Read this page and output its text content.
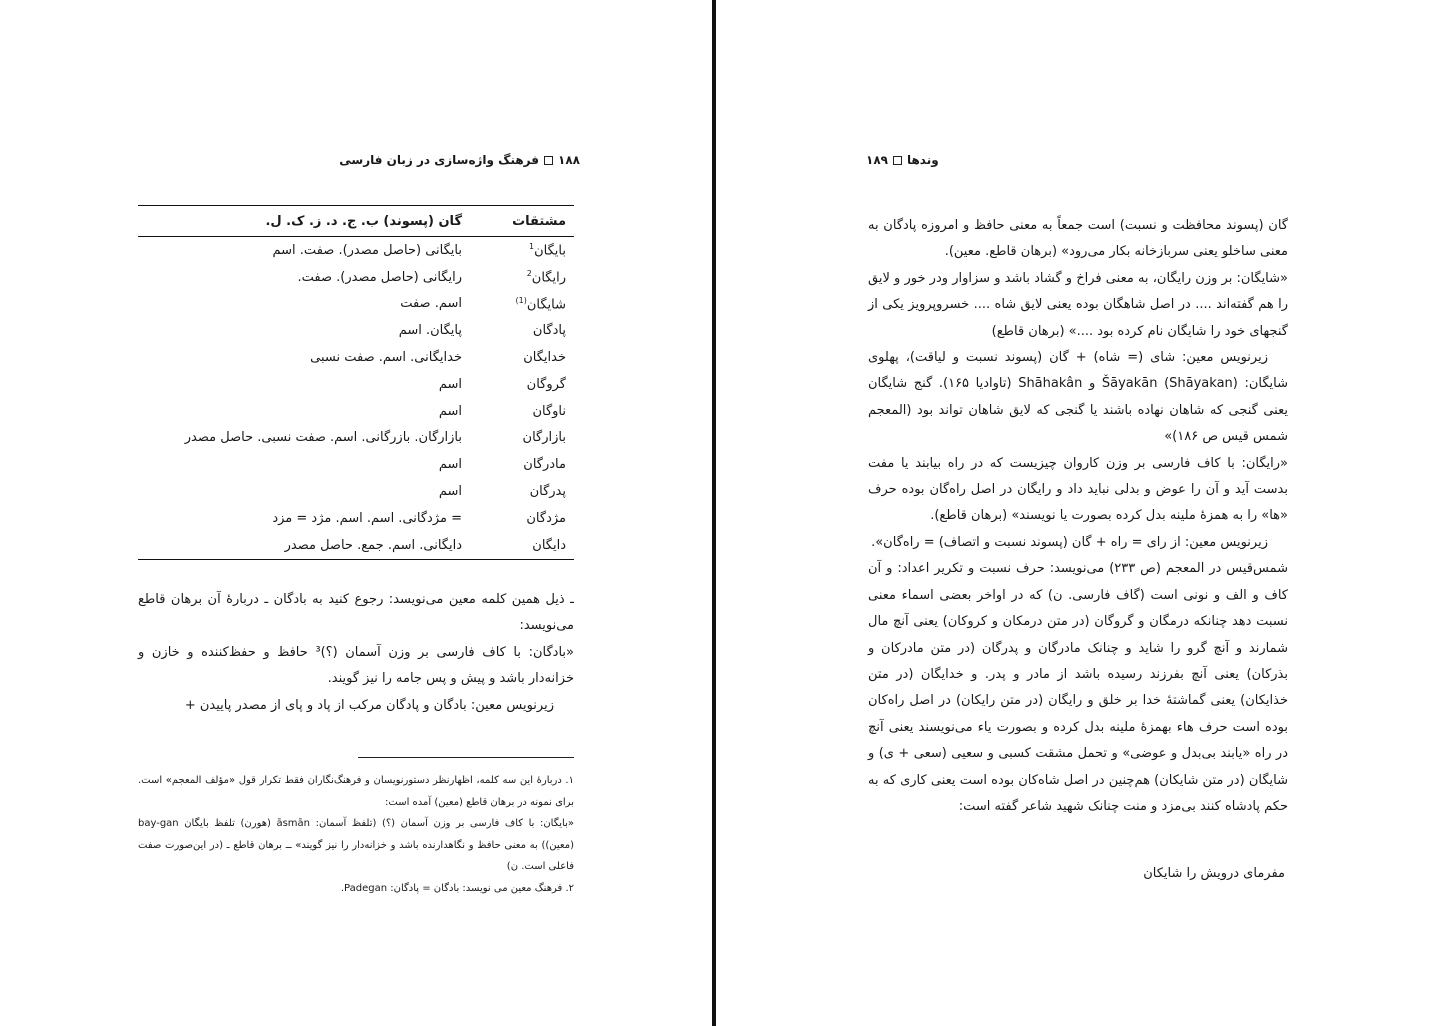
۱۸۸فرهنگ واژه‌سازی در زبان فارسی
مشتقات
گان (پسوند) ب. ج. د. ز. ک. ل.
بایگان$^1$
بایگانی (حاصل مصدر). صفت. اسم
رایگان$^2$
رایگانی (حاصل مصدر). صفت.
شایگان$^{(1)}$
اسم. صفت
پادگان
پایگان. اسم
خدایگان
خدایگانی. اسم. صفت نسبی
گروگان
اسم
ناوگان
اسم
بازارگان
بازارگان. بازرگانی. اسم. صفت نسبی. حاصل مصدر
مادرگان
اسم
پدرگان
اسم
مژدگان
= مژدگانی. اسم. اسم. مژد = مزد
دایگان
دایگانی. اسم. جمع. حاصل مصدر
ـ ذیل همین کلمه معین می‌نویسد: رجوع کنید به بادگان ـ دربارهٔ آن برهان قاطع می‌نویسد:
«بادگان: با کاف فارسی بر وزن آسمان (؟)³ حافظ و حفظ‌کننده و خازن و خزانه‌دار باشد و پیش و پس جامه را نیز گویند.
زیرنویس معین: بادگان و پادگان مرکب از پاد و پای از مصدر پاییدن +
۱. دربارهٔ این سه کلمه، اظهارنظر دستورنویسان و فرهنگ‌نگاران فقط تکرار قول «مؤلف المعجم» است. برای نمونه در برهان قاطع (معین) آمده است:
«بایگان: با کاف فارسی بر وزن آسمان (؟) (تلفظ آسمان: āsmān (هورن) تلفظ بایگان bay-gan (معین)) به معنی حافظ و نگاهدارنده باشد و خزانه‌دار را نیز گویند» ــ برهان قاطع ـ (در این‌صورت صفت فاعلی است. ن)
۲. فرهنگ معین می نویسد: بادگان = پادگان: Padegan.
وندها۱۸۹
گان (پسوند محافظت و نسبت) است جمعاً به معنی حافظ و امروزه پادگان به معنی ساخلو یعنی سربازخانه بکار می‌رود» (برهان قاطع. معین).
«شایگان: بر وزن رایگان، به معنی فراخ و گشاد باشد و سزاوار ودر خور و لایق را هم گفته‌اند .... در اصل شاهگان بوده یعنی لایق شاه .... خسروپرویز یکی از گنجهای خود را شایگان نام کرده بود ....» (برهان قاطع)
زیرنویس معین: شای (= شاه) + گان (پسوند نسبت و لیاقت)، پهلوی شایگان: Šāyakān (Shāyakan) و Shāhakân (تاوادیا ۱۶۵). گنج شایگان یعنی گنجی که شاهان نهاده باشند یا گنجی که لایق شاهان تواند بود (المعجم شمس قیس ص ۱۸۶)»
«رایگان: با کاف فارسی بر وزن کاروان چیزیست که در راه بیابند یا مفت بدست آید و آن را عوض و بدلی نباید داد و رایگان در اصل راه‌گان بوده حرف «ها» را به همزهٔ ملینه بدل کرده بصورت یا نویسند» (برهان قاطع).
زیرنویس معین: از رای = راه + گان (پسوند نسبت و اتصاف) = راه‌گان».
شمس‌قیس در المعجم (ص ۲۳۳) می‌نویسد: حرف نسبت و تکریر اعداد: و آن کاف و الف و نونی است (گاف فارسی. ن) که در اواخر بعضی اسماء معنی نسبت دهد چنانکه درمگان و گروگان (در متن درمکان و کروکان) یعنی آنچ مال شمارند و آنچ گرو را شاید و چنانک مادرگان و پدرگان (در متن مادرکان و بذرکان) یعنی آنچ بفرزند رسیده باشد از مادر و پدر. و خدایگان (در متن خذایکان) یعنی گماشتهٔ خدا بر خلق و رایگان (در متن رایکان) در اصل راه‌کان بوده است حرف هاء بهمزهٔ ملینه بدل کرده و بصورت یاء می‌نویسند یعنی آنچ در راه «یابند بی‌بدل و عوضی» و تحمل مشقت کسبی و سعیی (سعی + ی) و شایگان (در متن شایکان) هم‌چنین در اصل شاه‌کان بوده است یعنی کاری که به حکم پادشاه کنند بی‌مزد و منت چنانک شهید شاعر گفته است:
مفرمای درویش را شایکان
